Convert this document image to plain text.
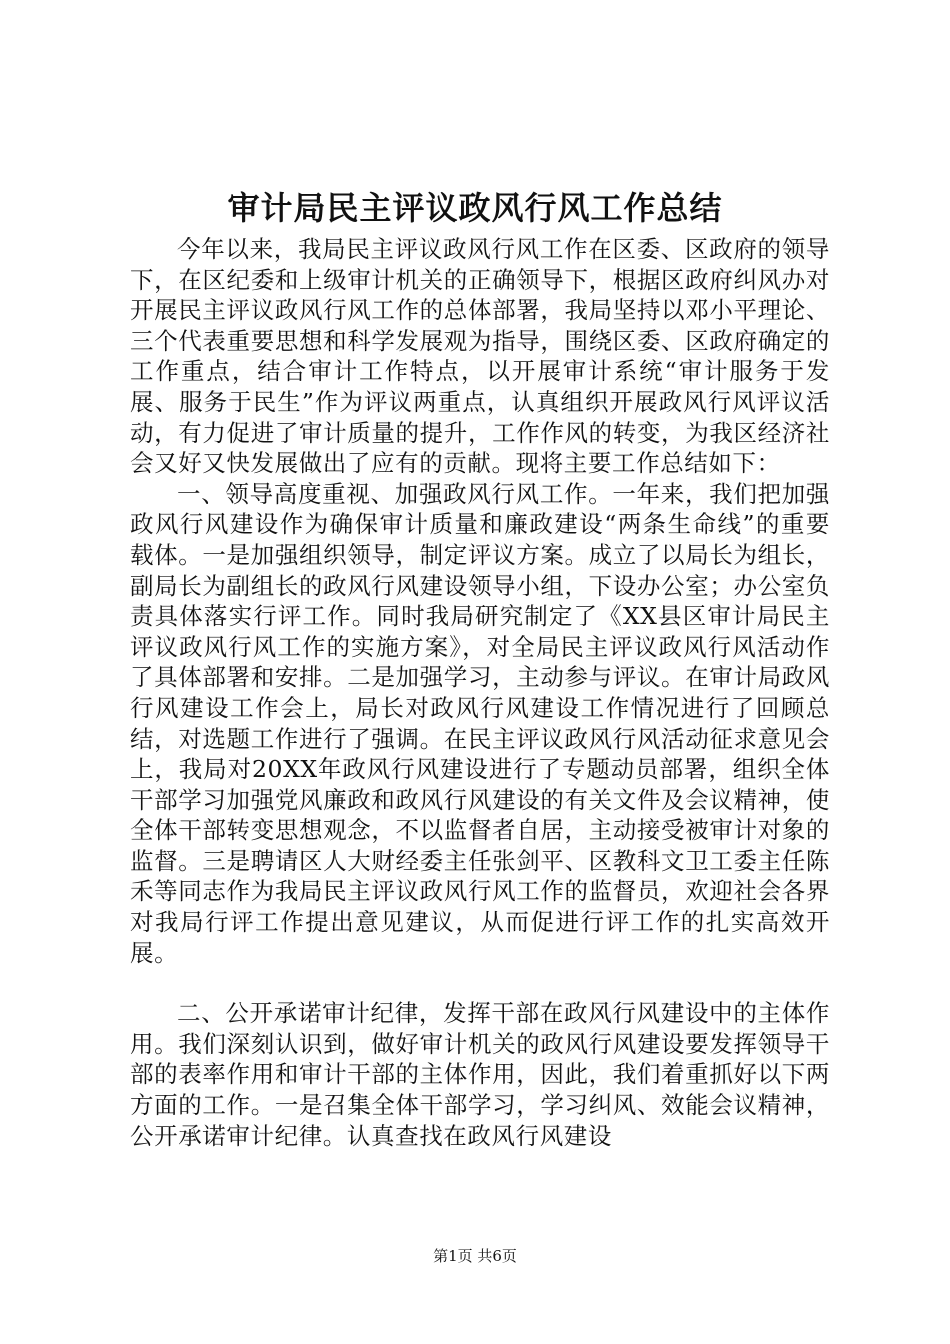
审计局民主评议政风行风工作总结

今年以来，我局民主评议政风行风工作在区委、区政府的领导下，在区纪委和上级审计机关的正确领导下，根据区政府纠风办对开展民主评议政风行风工作的总体部署，我局坚持以邓小平理论、三个代表重要思想和科学发展观为指导，围绕区委、区政府确定的工作重点，结合审计工作特点，以开展审计系统“审计服务于发展、服务于民生”作为评议两重点，认真组织开展政风行风评议活动，有力促进了审计质量的提升，工作作风的转变，为我区经济社会又好又快发展做出了应有的贡献。现将主要工作总结如下：

一、领导高度重视、加强政风行风工作。一年来，我们把加强政风行风建设作为确保审计质量和廉政建设“两条生命线”的重要载体。一是加强组织领导，制定评议方案。成立了以局长为组长，副局长为副组长的政风行风建设领导小组，下设办公室；办公室负责具体落实行评工作。同时我局研究制定了《XX县区审计局民主评议政风行风工作的实施方案》，对全局民主评议政风行风活动作了具体部署和安排。二是加强学习，主动参与评议。在审计局政风行风建设工作会上，局长对政风行风建设工作情况进行了回顾总结，对选题工作进行了强调。在民主评议政风行风活动征求意见会上，我局对20XX年政风行风建设进行了专题动员部署，组织全体干部学习加强党风廉政和政风行风建设的有关文件及会议精神，使全体干部转变思想观念，不以监督者自居，主动接受被审计对象的监督。三是聘请区人大财经委主任张剑平、区教科文卫工委主任陈禾等同志作为我局民主评议政风行风工作的监督员，欢迎社会各界对我局行评工作提出意见建议，从而促进行评工作的扎实高效开展。

二、公开承诺审计纪律，发挥干部在政风行风建设中的主体作用。我们深刻认识到，做好审计机关的政风行风建设要发挥领导干部的表率作用和审计干部的主体作用，因此，我们着重抓好以下两方面的工作。一是召集全体干部学习，学习纠风、效能会议精神，公开承诺审计纪律。认真查找在政风行风建设

第1页 共6页
